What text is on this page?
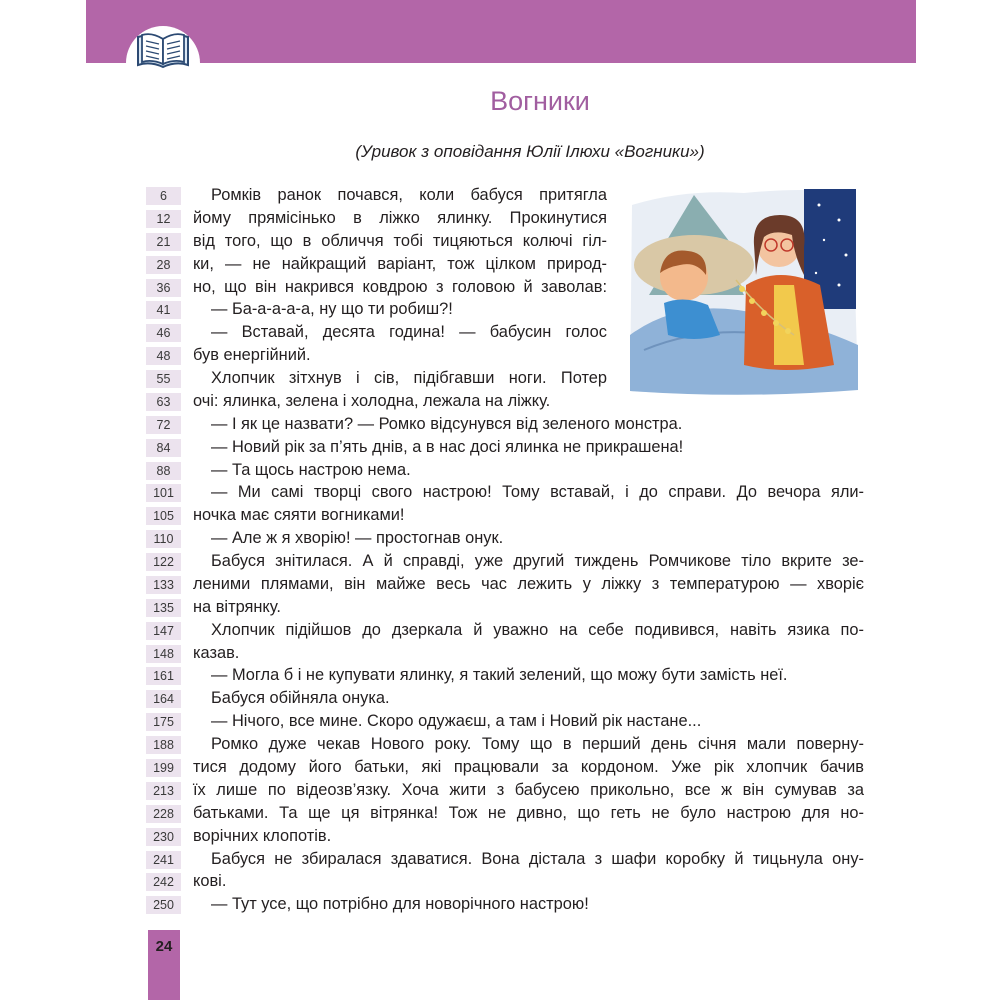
Вогники
(Уривок з оповідання Юлії Ілюхи «Вогники»)
6	Ромків ранок почався, коли бабуся притягла
12	йому прямісінько в ліжко ялинку. Прокинутися
21	від того, що в обличчя тобі тицяються колючі гіл-
28	ки, — не найкращий варіант, тож цілком природ-
36	но, що він накрився ковдрою з головою й заволав:
41	— Ба-а-а-а-а, ну що ти робиш?!
46	— Вставай, десята година! — бабусин голос
48	був енергійний.
55	Хлопчик зітхнув і сів, підібгавши ноги. Потер
63	очі: ялинка, зелена і холодна, лежала на ліжку.
72	— І як це назвати? — Ромко відсунувся від зеленого монстра.
84	— Новий рік за п’ять днів, а в нас досі ялинка не прикрашена!
88	— Та щось настрою нема.
101	— Ми самі творці свого настрою! Тому вставай, і до справи. До вечора яли-
105	ночка має сяяти вогниками!
110	— Але ж я хворію! — простогнав онук.
122	Бабуся знітилася. А й справді, уже другий тиждень Ромчикове тіло вкрите зе-
133	леними плямами, він майже весь час лежить у ліжку з температурою — хворіє
135	на вітрянку.
147	Хлопчик підійшов до дзеркала й уважно на себе подивився, навіть язика по-
148	казав.
161	— Могла б і не купувати ялинку, я такий зелений, що можу бути замість неї.
164	Бабуся обійняла онука.
175	— Нічого, все мине. Скоро одужаєш, а там і Новий рік настане...
188	Ромко дуже чекав Нового року. Тому що в перший день січня мали поверну-
199	тися додому його батьки, які працювали за кордоном. Уже рік хлопчик бачив
213	їх лише по відеозв’язку. Хоча жити з бабусею прикольно, все ж він сумував за
228	батьками. Та ще ця вітрянка! Тож не дивно, що геть не було настрою для но-
230	ворічних клопотів.
241	Бабуся не збиралася здаватися. Вона дістала з шафи коробку й тицьнула ону-
242	кові.
250	— Тут усе, що потрібно для новорічного настрою!
24
